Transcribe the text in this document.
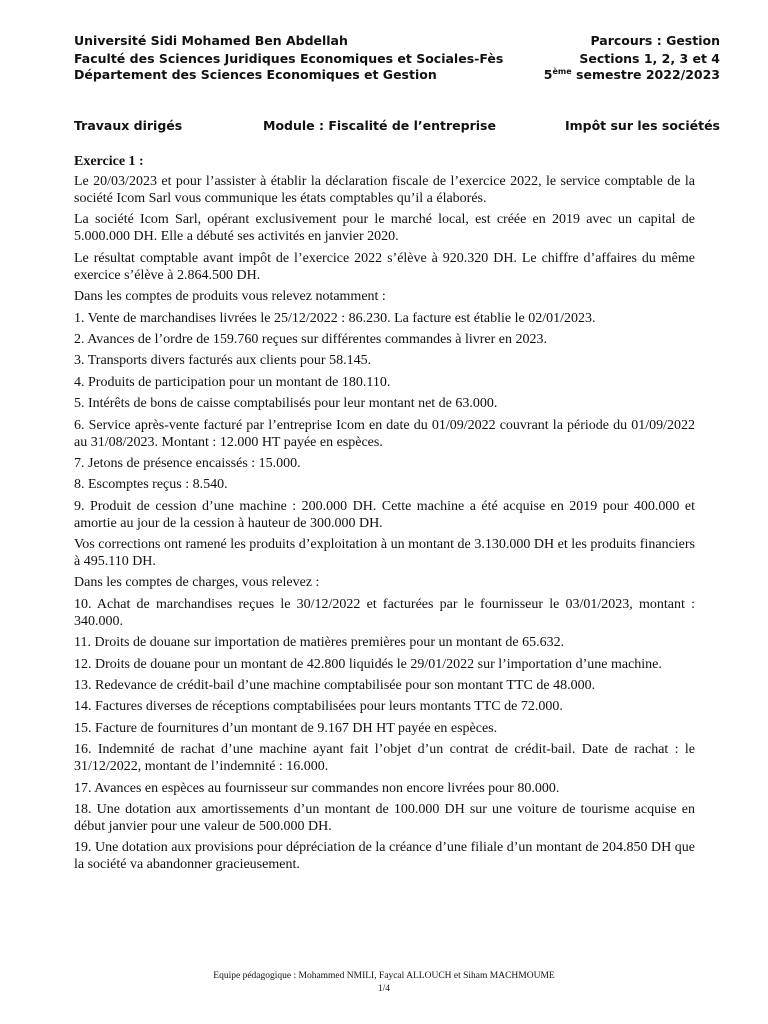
Université Sidi Mohamed Ben Abdellah	Parcours : Gestion
Faculté des Sciences Juridiques Economiques et Sociales-Fès	Sections 1, 2, 3 et 4
Département des Sciences Economiques et Gestion	5ème semestre 2022/2023
Travaux dirigés	Module : Fiscalité de l’entreprise	Impôt sur les sociétés

Exercice 1 :

Le 20/03/2023 et pour l’assister à établir la déclaration fiscale de l’exercice 2022, le service comptable de la société Icom Sarl vous communique les états comptables qu’il a élaborés.

La société Icom Sarl, opérant exclusivement pour le marché local, est créée en 2019 avec un capital de 5.000.000 DH. Elle a débuté ses activités en janvier 2020.

Le résultat comptable avant impôt de l’exercice 2022 s’élève à 920.320 DH. Le chiffre d’affaires du même exercice s’élève à 2.864.500 DH.

Dans les comptes de produits vous relevez notamment :

1. Vente de marchandises livrées le 25/12/2022 : 86.230. La facture est établie le 02/01/2023.

2. Avances de l’ordre de 159.760 reçues sur différentes commandes à livrer en 2023.

3. Transports divers facturés aux clients pour 58.145.

4. Produits de participation pour un montant de 180.110.

5. Intérêts de bons de caisse comptabilisés pour leur montant net de 63.000.

6. Service après-vente facturé par l’entreprise Icom en date du 01/09/2022 couvrant la période du 01/09/2022 au 31/08/2023. Montant : 12.000 HT payée en espèces.

7. Jetons de présence encaissés : 15.000.

8. Escomptes reçus : 8.540.

9. Produit de cession d’une machine : 200.000 DH. Cette machine a été acquise en 2019 pour 400.000 et amortie au jour de la cession à hauteur de 300.000 DH.

Vos corrections ont ramené les produits d’exploitation à un montant de 3.130.000 DH et les produits financiers à 495.110 DH.

Dans les comptes de charges, vous relevez :

10. Achat de marchandises reçues le 30/12/2022 et facturées par le fournisseur le 03/01/2023, montant : 340.000.

11. Droits de douane sur importation de matières premières pour un montant de 65.632.

12. Droits de douane pour un montant de 42.800 liquidés le 29/01/2022 sur l’importation d’une machine.

13. Redevance de crédit-bail d’une machine comptabilisée pour son montant TTC de 48.000.

14. Factures diverses de réceptions comptabilisées pour leurs montants TTC de 72.000.

15. Facture de fournitures d’un montant de 9.167 DH HT payée en espèces.

16. Indemnité de rachat d’une machine ayant fait l’objet d’un contrat de crédit-bail. Date de rachat : le 31/12/2022, montant de l’indemnité : 16.000.

17. Avances en espèces au fournisseur sur commandes non encore livrées pour 80.000.

18. Une dotation aux amortissements d’un montant de 100.000 DH sur une voiture de tourisme acquise en début janvier pour une valeur de 500.000 DH.

19. Une dotation aux provisions pour dépréciation de la créance d’une filiale d’un montant de 204.850 DH que la société va abandonner gracieusement.

Equipe pédagogique : Mohammed NMILI, Faycal ALLOUCH et Siham MACHMOUME
1/4
